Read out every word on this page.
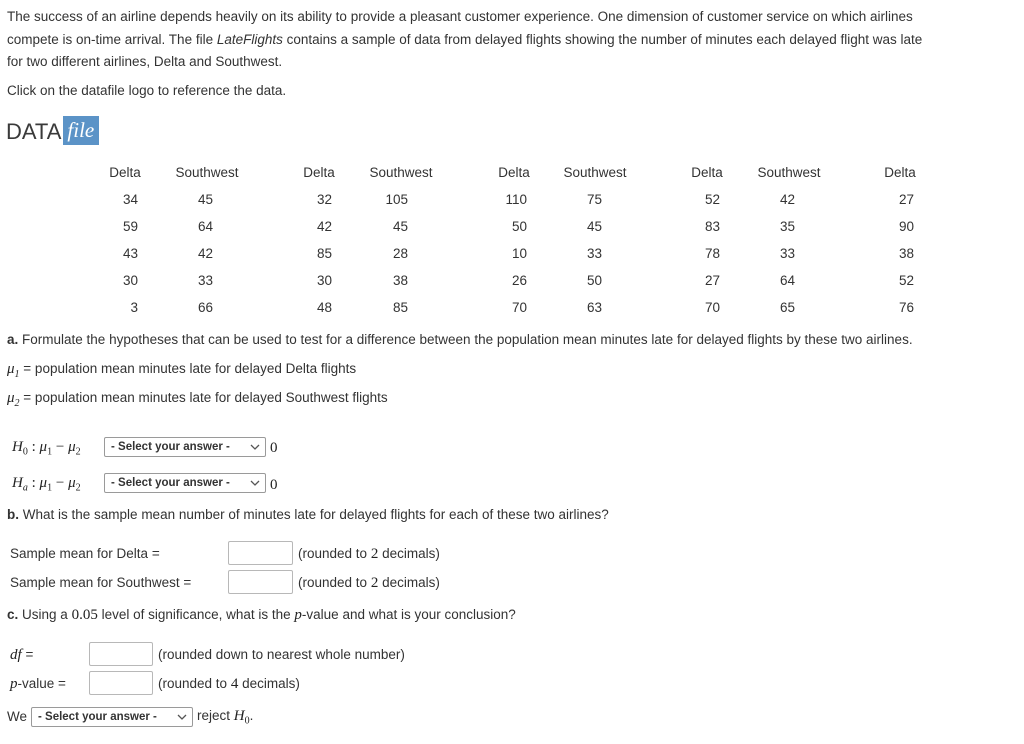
The success of an airline depends heavily on its ability to provide a pleasant customer experience. One dimension of customer service on which airlines
compete is on-time arrival. The file LateFlights contains a sample of data from delayed flights showing the number of minutes each delayed flight was late
for two different airlines, Delta and Southwest.

Click on the datafile logo to reference the data.
DATA file
Delta	Southwest	Delta	Southwest	Delta	Southwest	Delta	Southwest	Delta
34	45	32	105	110	75	52	42	27
59	64	42	45	50	45	83	35	90
43	42	85	28	10	33	78	33	38
30	33	30	38	26	50	27	64	52
3	66	48	85	70	63	70	65	76
a. Formulate the hypotheses that can be used to test for a difference between the population mean minutes late for delayed flights by these two airlines.
$\mu_1$ = population mean minutes late for delayed Delta flights
$\mu_2$ = population mean minutes late for delayed Southwest flights
$H_0$ : $\mu_1 - \mu_2$	- Select your answer -	0
$H_a$ : $\mu_1 - \mu_2$	- Select your answer -	0
b. What is the sample mean number of minutes late for delayed flights for each of these two airlines?
Sample mean for Delta =	(rounded to 2 decimals)
Sample mean for Southwest =	(rounded to 2 decimals)
c. Using a 0.05 level of significance, what is the p-value and what is your conclusion?
df =	(rounded down to nearest whole number)
p-value =	(rounded to 4 decimals)
We - Select your answer -	reject $H_0$.
